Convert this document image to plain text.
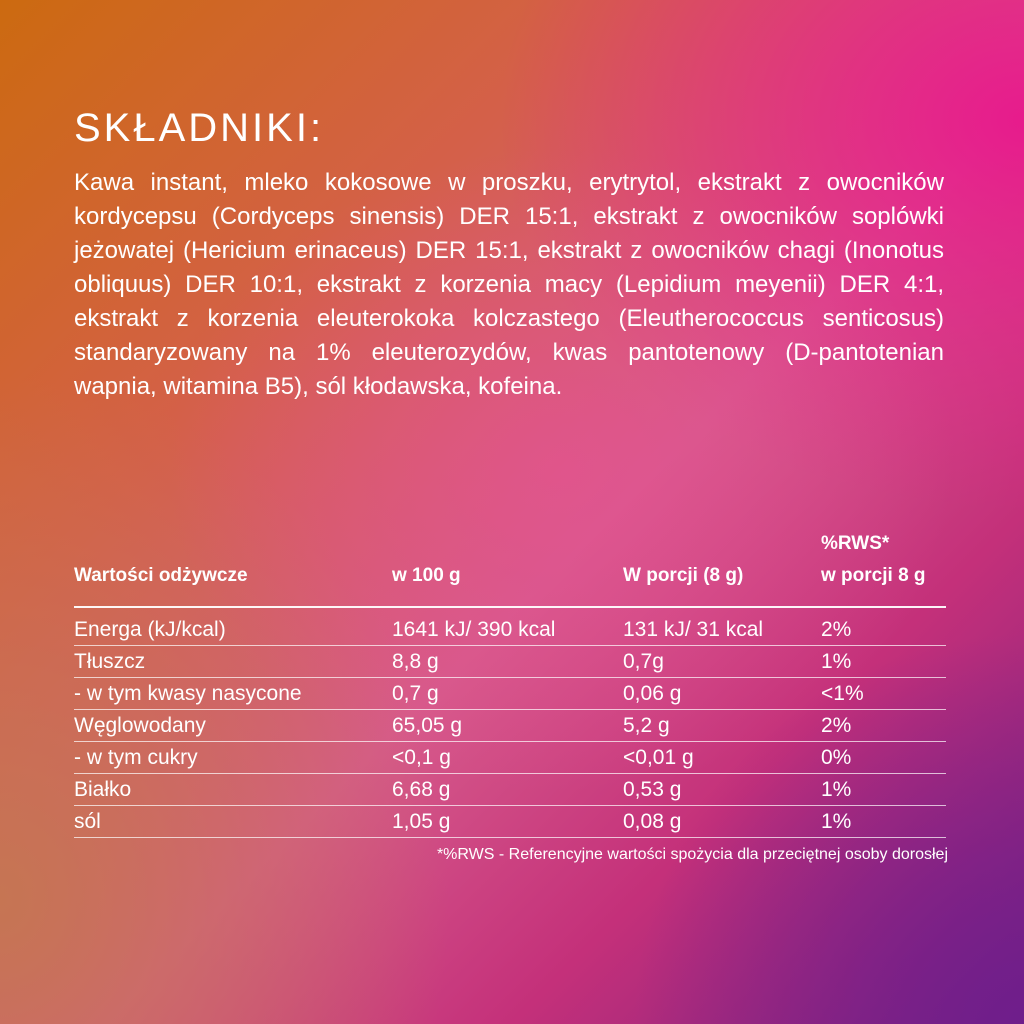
SKŁADNIKI:

Kawa instant, mleko kokosowe w proszku, erytrytol, ekstrakt z owocników kordycepsu (Cordyceps sinensis) DER 15:1, ekstrakt z owocników soplówki jeżowatej (Hericium erinaceus) DER 15:1, ekstrakt z owocników chagi (Inonotus obliquus) DER 10:1, ekstrakt z korzenia macy (Lepidium meyenii) DER 4:1, ekstrakt z korzenia eleuterokoka kolczastego (Eleutherococcus senticosus) standaryzowany na 1% eleuterozydów, kwas pantotenowy (D-pantotenian wapnia, witamina B5), sól kłodawska, kofeina.

Wartości odżywcze	w 100 g	W porcji (8 g)	%RWS*
w porcji 8 g
Energa (kJ/kcal)	1641 kJ/ 390 kcal	131 kJ/ 31 kcal	2%
Tłuszcz	8,8 g	0,7g	1%
- w tym kwasy nasycone	0,7 g	0,06 g	<1%
Węglowodany	65,05 g	5,2 g	2%
- w tym cukry	<0,1 g	<0,01 g	0%
Białko	6,68 g	0,53 g	1%
sól	1,05 g	0,08 g	1%

*%RWS - Referencyjne wartości spożycia dla przeciętnej osoby dorosłej
